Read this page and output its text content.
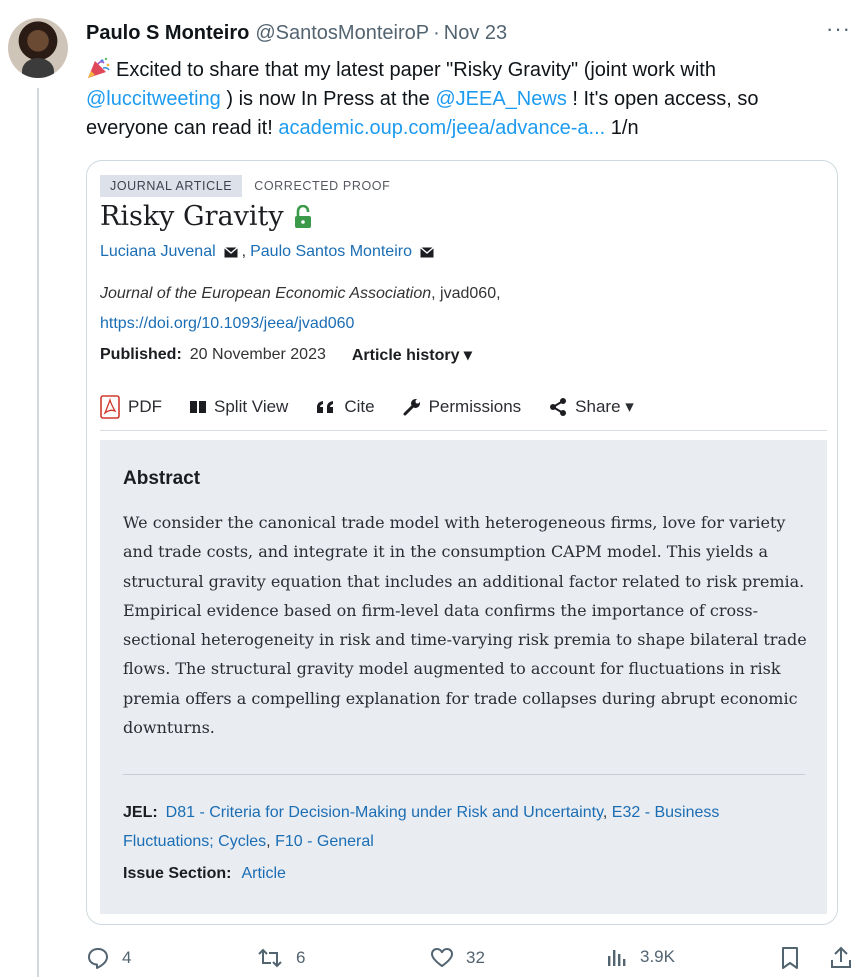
Paulo S Monteiro @SantosMonteiroP · Nov 23	···
Excited to share that my latest paper "Risky Gravity" (joint work with @luccitweeting ) is now In Press at the @JEEA_News ! It's open access, so everyone can read it! academic.oup.com/jeea/advance-a... 1/n
JOURNAL ARTICLE	CORRECTED PROOF
Risky Gravity
Luciana Juvenal , Paulo Santos Monteiro
Journal of the European Economic Association, jvad060,
https://doi.org/10.1093/jeea/jvad060
Published: 20 November 2023 Article history ▾
PDF	Split View	Cite	Permissions	Share ▾
Abstract
We consider the canonical trade model with heterogeneous firms, love for variety and trade costs, and integrate it in the consumption CAPM model. This yields a structural gravity equation that includes an additional factor related to risk premia. Empirical evidence based on firm-level data confirms the importance of cross-sectional heterogeneity in risk and time-varying risk premia to shape bilateral trade flows. The structural gravity model augmented to account for fluctuations in risk premia offers a compelling explanation for trade collapses during abrupt economic downturns.
JEL: D81 - Criteria for Decision-Making under Risk and Uncertainty, E32 - Business Fluctuations; Cycles, F10 - General
Issue Section: Article
4	6	32	3.9K
